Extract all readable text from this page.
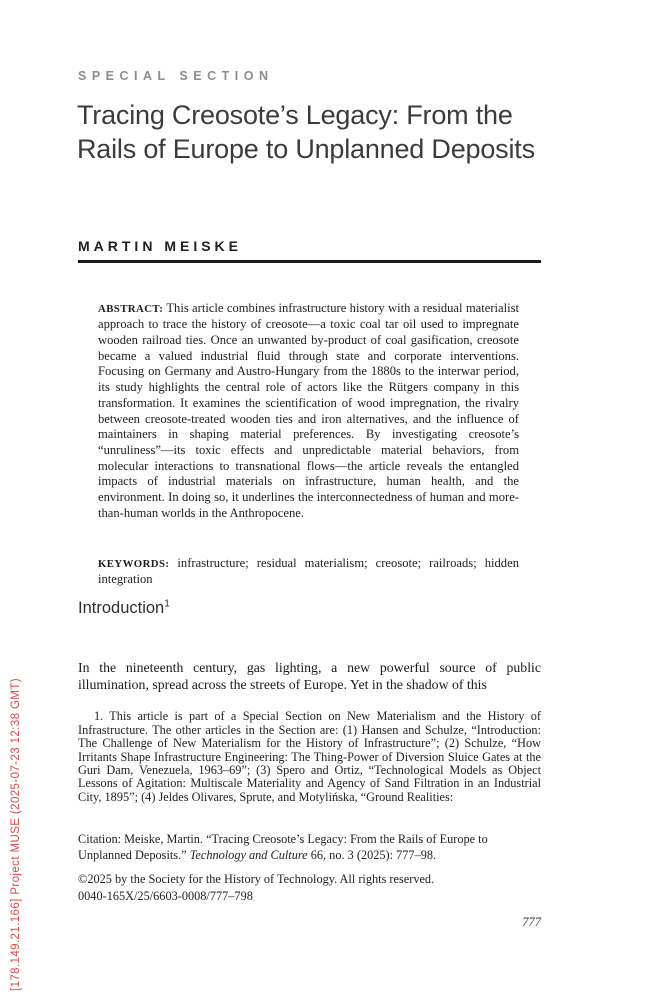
[178.149.21.166] Project MUSE (2025-07-23 12:38 GMT)
SPECIAL SECTION
Tracing Creosote’s Legacy: From the
Rails of Europe to Unplanned Deposits
MARTIN MEISKE

ABSTRACT: This article combines infrastructure history with a residual materialist approach to trace the history of creosote—a toxic coal tar oil used to impregnate wooden railroad ties. Once an unwanted by-product of coal gasification, creosote became a valued industrial fluid through state and corporate interventions. Focusing on Germany and Austro-Hungary from the 1880s to the interwar period, its study highlights the central role of actors like the Rütgers company in this transformation. It examines the scientification of wood impregnation, the rivalry between creosote-treated wooden ties and iron alternatives, and the influence of maintainers in shaping material preferences. By investigating creosote’s “unruliness”—its toxic effects and unpredictable material behaviors, from molecular interactions to transnational flows—the article reveals the entangled impacts of industrial materials on infrastructure, human health, and the environment. In doing so, it underlines the interconnectedness of human and more-than-human worlds in the Anthropocene.

KEYWORDS: infrastructure; residual materialism; creosote; railroads; hidden integration

Introduction$^1$

In the nineteenth century, gas lighting, a new powerful source of public illumination, spread across the streets of Europe. Yet in the shadow of this

1. This article is part of a Special Section on New Materialism and the History of Infrastructure. The other articles in the Section are: (1) Hansen and Schulze, “Introduction: The Challenge of New Materialism for the History of Infrastructure”; (2) Schulze, “How Irritants Shape Infrastructure Engineering: The Thing-Power of Diversion Sluice Gates at the Guri Dam, Venezuela, 1963–69”; (3) Spero and Ortiz, “Technological Models as Object Lessons of Agitation: Multiscale Materiality and Agency of Sand Filtration in an Industrial City, 1895”; (4) Jeldes Olivares, Sprute, and Motylińska, “Ground Realities:

Citation: Meiske, Martin. “Tracing Creosote’s Legacy: From the Rails of Europe to Unplanned Deposits.” Technology and Culture 66, no. 3 (2025): 777–98.

©2025 by the Society for the History of Technology. All rights reserved.
0040-165X/25/6603-0008/777–798

777
